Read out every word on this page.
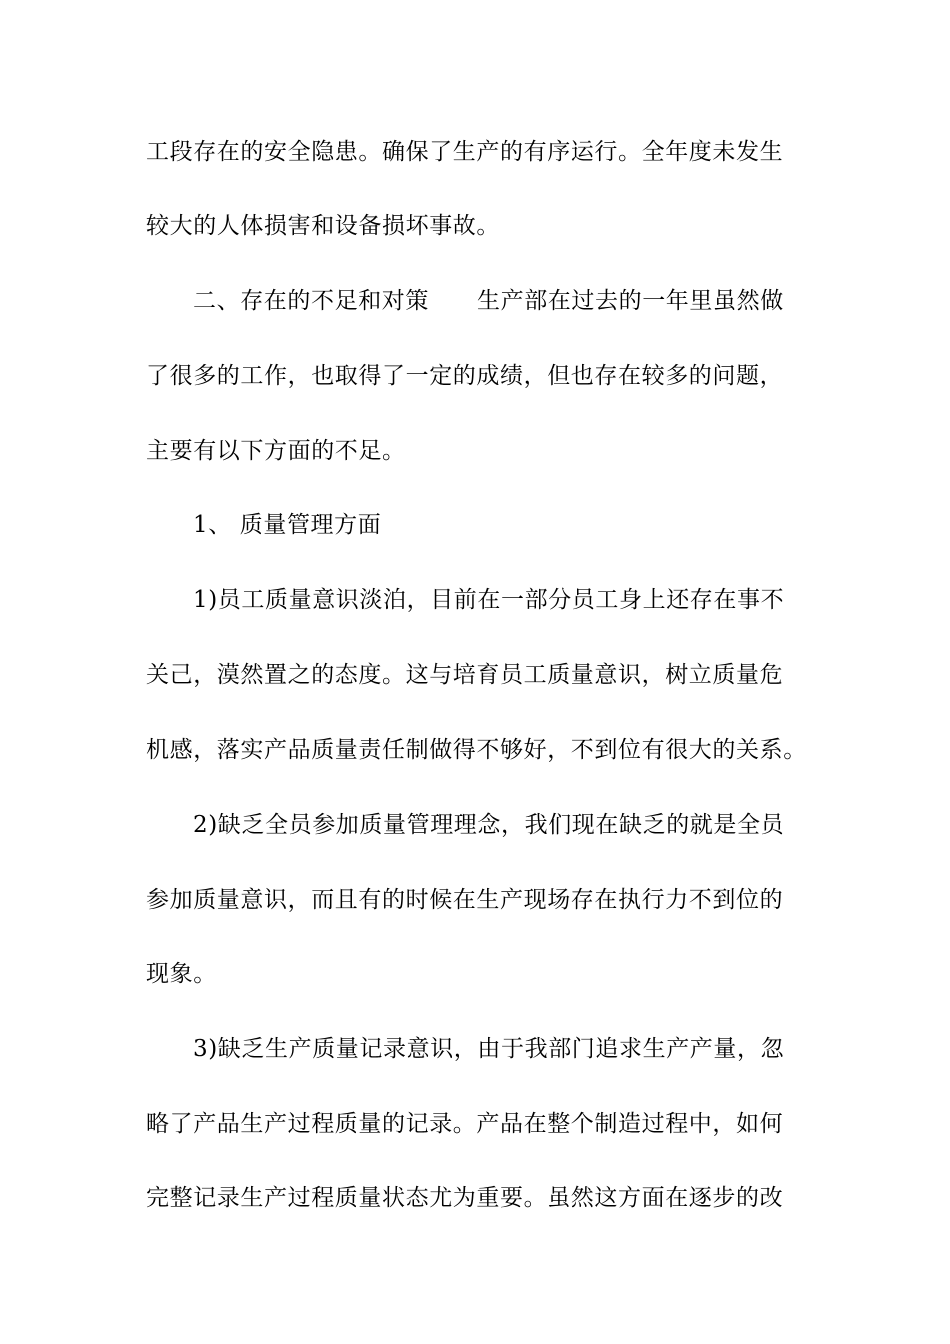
工段存在的安全隐患。确保了生产的有序运行。全年度未发生
较大的人体损害和设备损坏事故。
二、存在的不足和对策 生产部在过去的一年里虽然做
了很多的工作，也取得了一定的成绩，但也存在较多的问题，
主要有以下方面的不足。
1、 质量管理方面
1)员工质量意识淡泊，目前在一部分员工身上还存在事不
关己，漠然置之的态度。这与培育员工质量意识，树立质量危
机感，落实产品质量责任制做得不够好，不到位有很大的关系。
2)缺乏全员参加质量管理理念，我们现在缺乏的就是全员
参加质量意识，而且有的时候在生产现场存在执行力不到位的
现象。
3)缺乏生产质量记录意识，由于我部门追求生产产量，忽
略了产品生产过程质量的记录。产品在整个制造过程中，如何
完整记录生产过程质量状态尤为重要。虽然这方面在逐步的改
